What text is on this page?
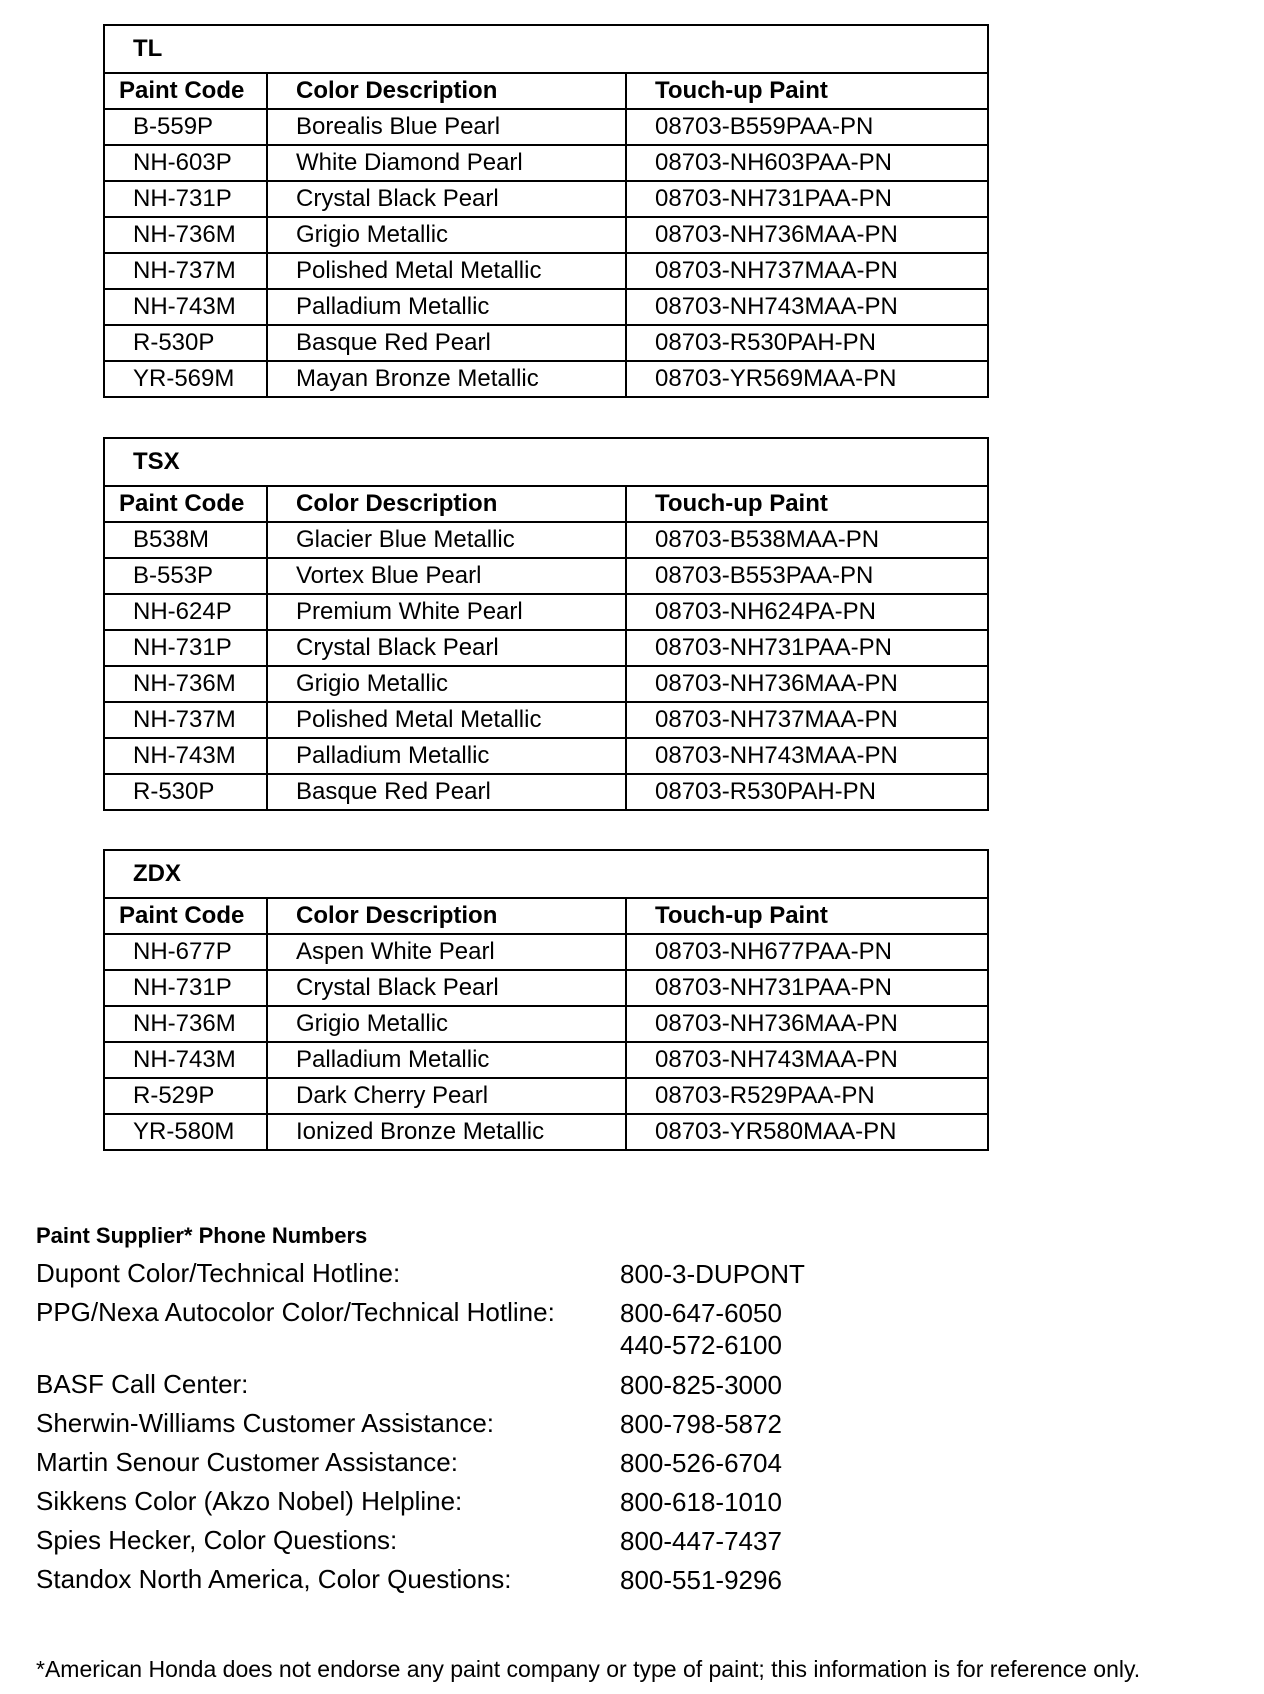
TL		
Paint Code	Color Description	Touch-up Paint
B-559P	Borealis Blue Pearl	08703-B559PAA-PN
NH-603P	White Diamond Pearl	08703-NH603PAA-PN
NH-731P	Crystal Black Pearl	08703-NH731PAA-PN
NH-736M	Grigio Metallic	08703-NH736MAA-PN
NH-737M	Polished Metal Metallic	08703-NH737MAA-PN
NH-743M	Palladium Metallic	08703-NH743MAA-PN
R-530P	Basque Red Pearl	08703-R530PAH-PN
YR-569M	Mayan Bronze Metallic	08703-YR569MAA-PN
TSX		
Paint Code	Color Description	Touch-up Paint
B538M	Glacier Blue Metallic	08703-B538MAA-PN
B-553P	Vortex Blue Pearl	08703-B553PAA-PN
NH-624P	Premium White Pearl	08703-NH624PA-PN
NH-731P	Crystal Black Pearl	08703-NH731PAA-PN
NH-736M	Grigio Metallic	08703-NH736MAA-PN
NH-737M	Polished Metal Metallic	08703-NH737MAA-PN
NH-743M	Palladium Metallic	08703-NH743MAA-PN
R-530P	Basque Red Pearl	08703-R530PAH-PN
ZDX		
Paint Code	Color Description	Touch-up Paint
NH-677P	Aspen White Pearl	08703-NH677PAA-PN
NH-731P	Crystal Black Pearl	08703-NH731PAA-PN
NH-736M	Grigio Metallic	08703-NH736MAA-PN
NH-743M	Palladium Metallic	08703-NH743MAA-PN
R-529P	Dark Cherry Pearl	08703-R529PAA-PN
YR-580M	Ionized Bronze Metallic	08703-YR580MAA-PN
Paint Supplier* Phone Numbers
Dupont Color/Technical Hotline:	800-3-DUPONT
PPG/Nexa Autocolor Color/Technical Hotline:	800-647-6050
440-572-6100
BASF Call Center:	800-825-3000
Sherwin-Williams Customer Assistance:	800-798-5872
Martin Senour Customer Assistance:	800-526-6704
Sikkens Color (Akzo Nobel) Helpline:	800-618-1010
Spies Hecker, Color Questions:	800-447-7437
Standox North America, Color Questions:	800-551-9296
*American Honda does not endorse any paint company or type of paint; this information is for reference only.
